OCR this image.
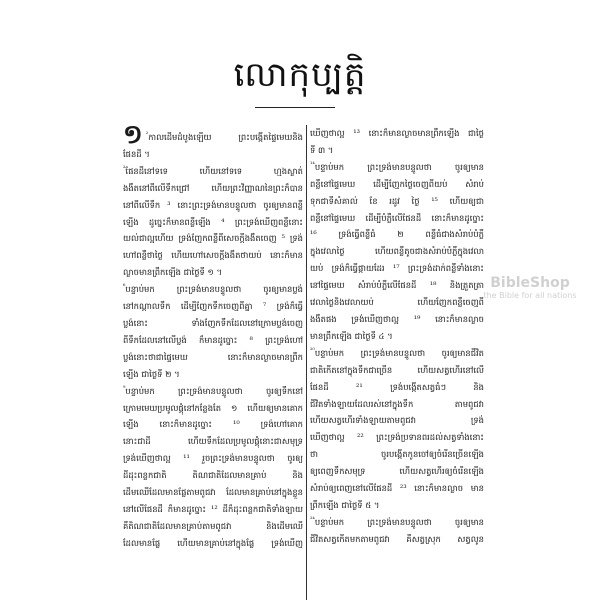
លោកុប្បត្តិ
១ $^{^2}$កាលដើមដំបូងឡើយ ព្រះបង្កើតផ្ទៃមេឃនិង
ផែនដី ។
$^{^2}$ផែនដីនៅទទេ ហើយនៅទទេ ហ្មងស្ងាត់
ងងឹតនៅពីលើទឹកជ្រៅ ហើយព្រះវិញ្ញាណនៃព្រះក៏បាន
នៅពីលើទឹក ³ នោះព្រះទ្រង់មានបន្ទូលថា ចូរឲ្យមានពន្លឺ
ឡើង ដូច្នេះក៏មានពន្លឺឡើង ⁴ ព្រះទ្រង់ឃើញពន្លឺនោះ
យល់ជាល្អហើយ ទ្រង់ញែកពន្លឺពីសេចក្តីងងឹតចេញ ⁵ ទ្រង់
ហៅពន្លឺថាថ្ងៃ ហើយហៅសេចក្តីងងឹតថាយប់ នោះក៏មាន
ល្ងាចមានព្រឹកឡើង ជាថ្ងៃទី ១ ។
$^{^6}$បន្ទាប់មក ព្រះទ្រង់មានបន្ទូលថា ចូរឲ្យមានប្លង់
នៅកណ្តាលទឹក ដើម្បីញែកទឹកចេញពីគ្នា ⁷ ទ្រង់ក៏ធ្វើ
ប្លង់នោះ ទាំងញែកទឹកដែលនៅក្រោមប្លង់ចេញ
ពីទឹកដែលនៅលើប្លង់ ក៏មានដូច្នោះ ⁸ ព្រះទ្រង់ហៅ
ប្លង់នោះថាជាផ្ទៃមេឃ នោះក៏មានល្ងាចមានព្រឹក
ឡើង ជាថ្ងៃទី ២ ។
$^{^9}$បន្ទាប់មក ព្រះទ្រង់មានបន្ទូលថា ចូរឲ្យទឹកនៅ
ក្រោមមេឃប្រមូលផ្តុំនៅកន្លែងតែ ១ ហើយឲ្យមានគោក
ឡើង នោះក៏មានដូច្នោះ ¹⁰ ទ្រង់ហៅគោក
នោះជាដី ហើយទឹកដែលប្រមូលផ្តុំនោះជាសមុទ្រ
ទ្រង់ឃើញថាល្អ ¹¹ រួចព្រះទ្រង់មានបន្ទូលថា ចូរឲ្យ
ដីដុះពន្លកជាតិ តិណជាតិដែលមានគ្រាប់ និង
ដើមឈើដែលមានផ្លែតាមពូជវា ដែលមានគ្រាប់នៅក្នុងខ្លួន
នៅលើផែនដី ក៏មានដូច្នោះ ¹² ដីក៏ដុះពន្លកជាតិទាំងឡាយ
គឺតិណជាតិដែលមានគ្រាប់តាមពូជវា និងដើមឈើ
ដែលមានផ្លែ ហើយមានគ្រាប់នៅក្នុងផ្លែ ទ្រង់ឃើញ
ឃើញថាល្អ ¹³ នោះក៏មានល្ងាចមានព្រឹកឡើង ជាថ្ងៃ
ទី ៣ ។
$^{^{14}}$បន្ទាប់មក ព្រះទ្រង់មានបន្ទូលថា ចូរឲ្យមាន
ពន្លឺនៅផ្ទៃមេឃ ដើម្បីញែកថ្ងៃចេញពីយប់ សំរាប់
ទុកជាទីសំគាល់ ខែ រដូវ ថ្ងៃ ¹⁵ ហើយឲ្យជា
ពន្លឺនៅផ្ទៃមេឃ ដើម្បីបំភ្លឺលើផែនដី នោះក៏មានដូច្នោះ
¹⁶ ទ្រង់ធ្វើពន្លឺធំ ២ ពន្លឺធំជាងសំរាប់បំភ្លឺ
ក្នុងវេលាថ្ងៃ ហើយពន្លឺតូចជាងសំរាប់បំភ្លឺក្នុងវេលា
យប់ ទ្រង់ក៏ធ្វើផ្កាយដែរ ¹⁷ ព្រះទ្រង់ដាក់ពន្លឺទាំងនោះ
នៅផ្ទៃមេឃ សំរាប់បំភ្លឺលើផែនដី ¹⁸ និងត្រួតត្រា
វេលាថ្ងៃនិងវេលាយប់ ហើយញែកពន្លឺចេញពី
ងងឹតផង ទ្រង់ឃើញថាល្អ ¹⁹ នោះក៏មានល្ងាច
មានព្រឹកឡើង ជាថ្ងៃទី ៤ ។
$^{^{20}}$បន្ទាប់មក ព្រះទ្រង់មានបន្ទូលថា ចូរឲ្យមានជីវិត
ជាតិកើតនៅក្នុងទឹកជាច្រើន ហើយសត្វហើរនៅលើ
ផែនដី ²¹ ទ្រង់បង្កើតសត្វធំៗ និង
ជីវិតទាំងឡាយដែលរស់នៅក្នុងទឹក តាមពូជវា
ហើយសត្វហើរទាំងឡាយតាមពូជវា ទ្រង់
ឃើញថាល្អ ²² ព្រះទ្រង់ប្រទានពរដល់សត្វទាំងនោះ
ថា ចូរបង្កើតកូនចៅឲ្យចំរើនច្រើនឡើង
ឲ្យពេញទឹកសមុទ្រ ហើយសត្វហើរឲ្យចំរើនឡើង
សំរាប់ឲ្យពេញនៅលើផែនដី ²³ នោះក៏មានល្ងាច មាន
ព្រឹកឡើង ជាថ្ងៃទី ៥ ។
$^{^{24}}$បន្ទាប់មក ព្រះទ្រង់មានបន្ទូលថា ចូរឲ្យមាន
ជីវិតសត្វកើតមកតាមពូជវា គឺសត្វស្រុក សត្វលូន
BibleShop
the Bible for all nations
